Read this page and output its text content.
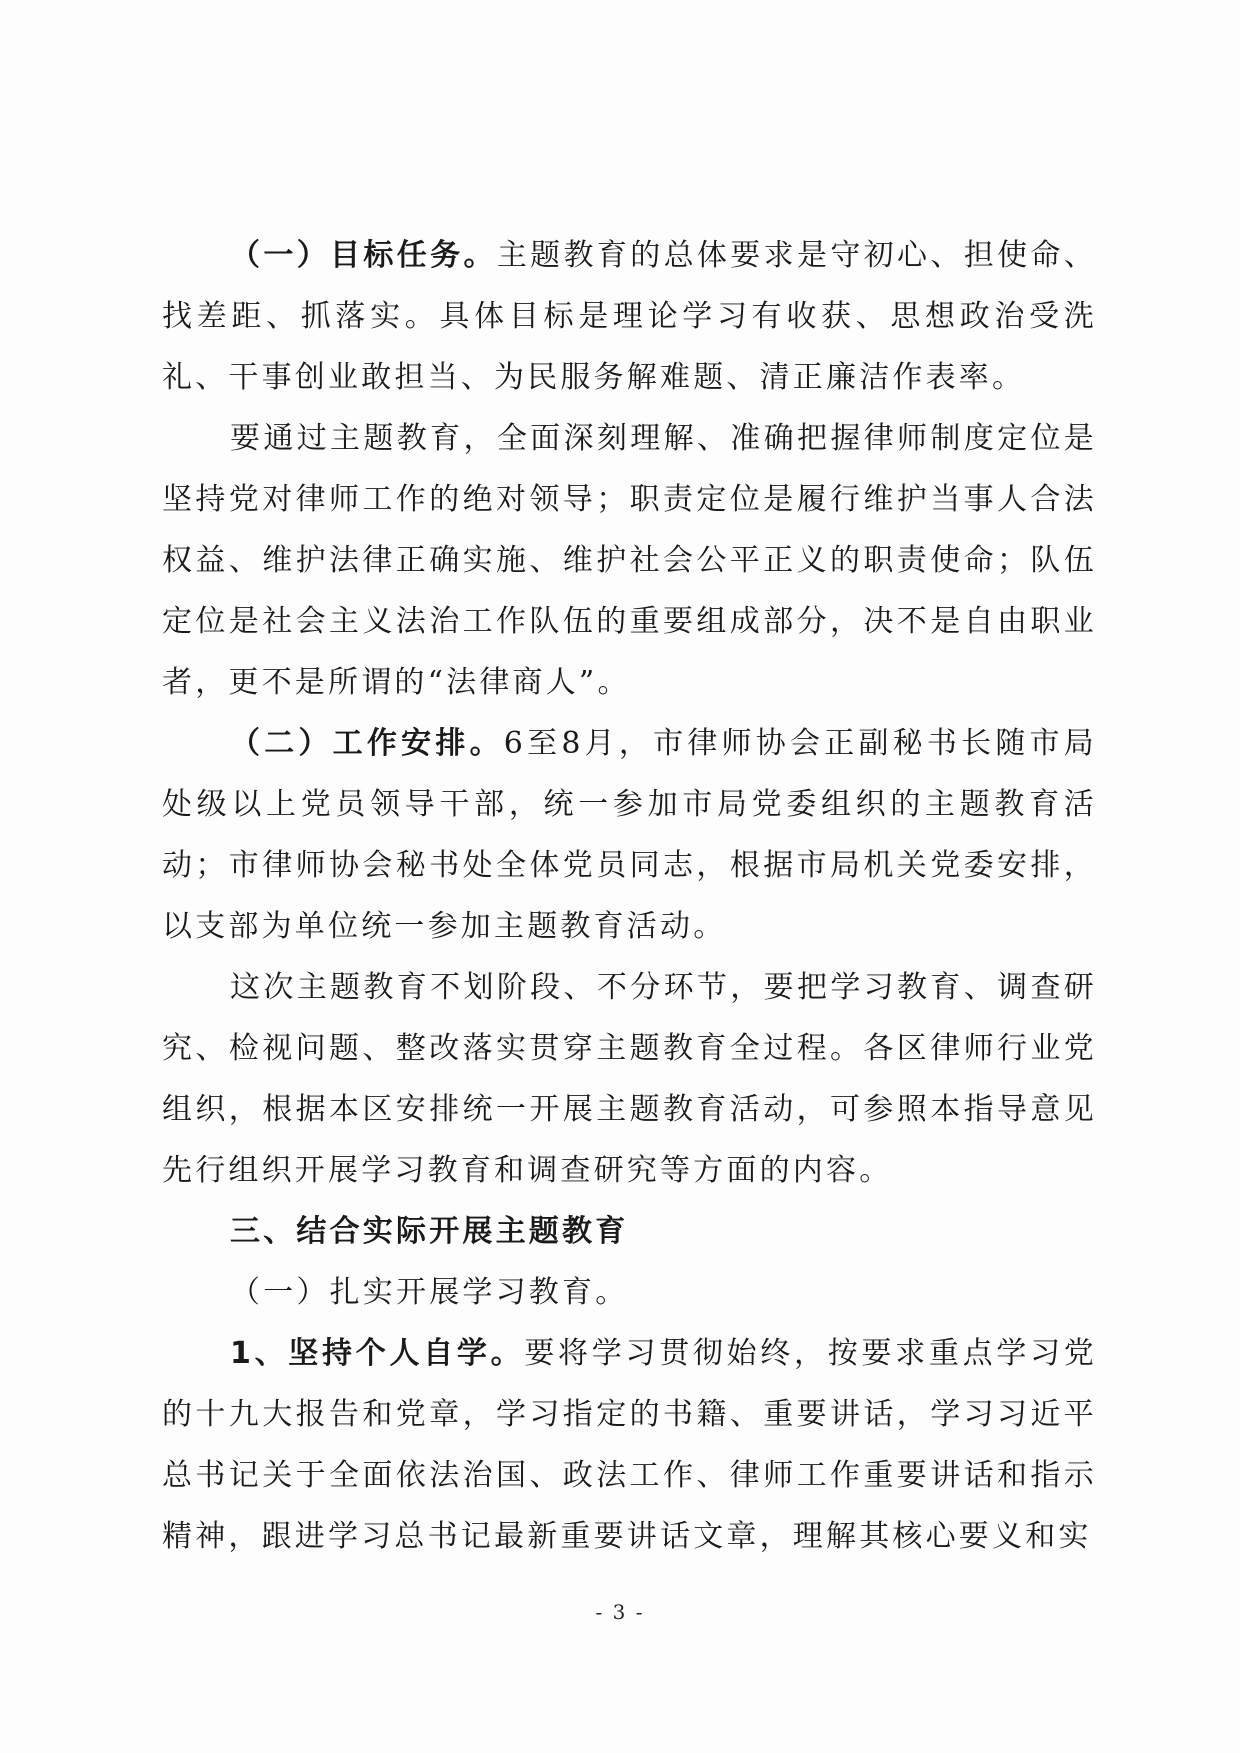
（一）目标任务。主题教育的总体要求是守初心、担使命、找差距、抓落实。具体目标是理论学习有收获、思想政治受洗礼、干事创业敢担当、为民服务解难题、清正廉洁作表率。

要通过主题教育，全面深刻理解、准确把握律师制度定位是坚持党对律师工作的绝对领导；职责定位是履行维护当事人合法权益、维护法律正确实施、维护社会公平正义的职责使命；队伍定位是社会主义法治工作队伍的重要组成部分，决不是自由职业者，更不是所谓的“法律商人”。

（二）工作安排。6至8月，市律师协会正副秘书长随市局处级以上党员领导干部，统一参加市局党委组织的主题教育活动；市律师协会秘书处全体党员同志，根据市局机关党委安排，以支部为单位统一参加主题教育活动。

这次主题教育不划阶段、不分环节，要把学习教育、调查研究、检视问题、整改落实贯穿主题教育全过程。各区律师行业党组织，根据本区安排统一开展主题教育活动，可参照本指导意见先行组织开展学习教育和调查研究等方面的内容。

三、结合实际开展主题教育

（一）扎实开展学习教育。

1、坚持个人自学。要将学习贯彻始终，按要求重点学习党的十九大报告和党章，学习指定的书籍、重要讲话，学习习近平总书记关于全面依法治国、政法工作、律师工作重要讲话和指示精神，跟进学习总书记最新重要讲话文章，理解其核心要义和实

- 3 -
